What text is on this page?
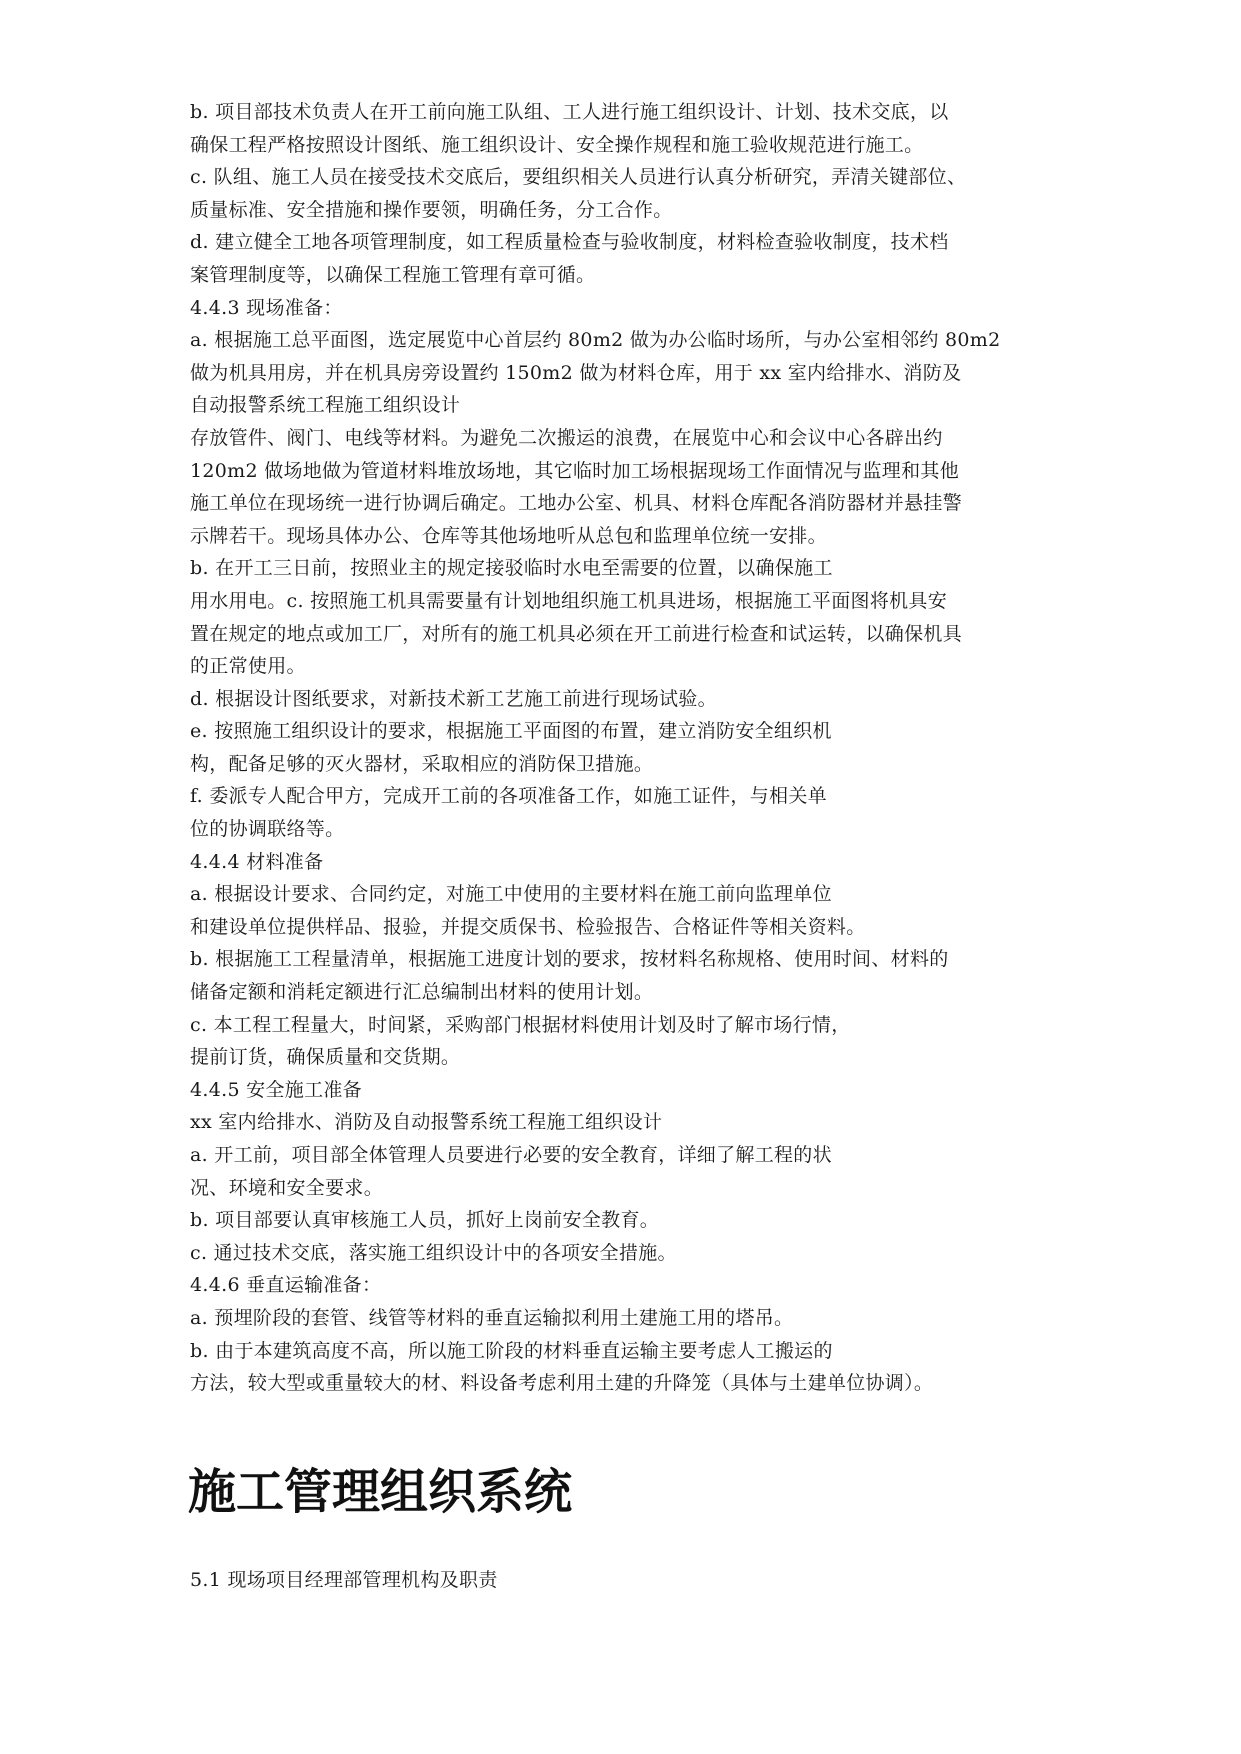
b. 项目部技术负责人在开工前向施工队组、工人进行施工组织设计、计划、技术交底，以
确保工程严格按照设计图纸、施工组织设计、安全操作规程和施工验收规范进行施工。
c. 队组、施工人员在接受技术交底后，要组织相关人员进行认真分析研究，弄清关键部位、
质量标准、安全措施和操作要领，明确任务，分工合作。
d. 建立健全工地各项管理制度，如工程质量检查与验收制度，材料检查验收制度，技术档
案管理制度等，以确保工程施工管理有章可循。
4.4.3 现场准备：
a. 根据施工总平面图，选定展览中心首层约 80m2 做为办公临时场所，与办公室相邻约 80m2
做为机具用房，并在机具房旁设置约 150m2 做为材料仓库，用于 xx 室内给排水、消防及
自动报警系统工程施工组织设计
存放管件、阀门、电线等材料。为避免二次搬运的浪费，在展览中心和会议中心各辟出约
120m2 做场地做为管道材料堆放场地，其它临时加工场根据现场工作面情况与监理和其他
施工单位在现场统一进行协调后确定。工地办公室、机具、材料仓库配各消防器材并悬挂警
示牌若干。现场具体办公、仓库等其他场地听从总包和监理单位统一安排。
b. 在开工三日前，按照业主的规定接驳临时水电至需要的位置，以确保施工
用水用电。c. 按照施工机具需要量有计划地组织施工机具进场，根据施工平面图将机具安
置在规定的地点或加工厂，对所有的施工机具必须在开工前进行检查和试运转，以确保机具
的正常使用。
d. 根据设计图纸要求，对新技术新工艺施工前进行现场试验。
e. 按照施工组织设计的要求，根据施工平面图的布置，建立消防安全组织机
构，配备足够的灭火器材，采取相应的消防保卫措施。
f. 委派专人配合甲方，完成开工前的各项准备工作，如施工证件，与相关单
位的协调联络等。
4.4.4 材料准备
a. 根据设计要求、合同约定，对施工中使用的主要材料在施工前向监理单位
和建设单位提供样品、报验，并提交质保书、检验报告、合格证件等相关资料。
b. 根据施工工程量清单，根据施工进度计划的要求，按材料名称规格、使用时间、材料的
储备定额和消耗定额进行汇总编制出材料的使用计划。
c. 本工程工程量大，时间紧，采购部门根据材料使用计划及时了解市场行情，
提前订货，确保质量和交货期。
4.4.5 安全施工准备
xx 室内给排水、消防及自动报警系统工程施工组织设计
a. 开工前，项目部全体管理人员要进行必要的安全教育，详细了解工程的状
况、环境和安全要求。
b. 项目部要认真审核施工人员，抓好上岗前安全教育。
c. 通过技术交底，落实施工组织设计中的各项安全措施。
4.4.6 垂直运输准备：
a. 预埋阶段的套管、线管等材料的垂直运输拟利用土建施工用的塔吊。
b. 由于本建筑高度不高，所以施工阶段的材料垂直运输主要考虑人工搬运的
方法，较大型或重量较大的材、料设备考虑利用土建的升降笼（具体与土建单位协调）。
施工管理组织系统
5.1 现场项目经理部管理机构及职责
